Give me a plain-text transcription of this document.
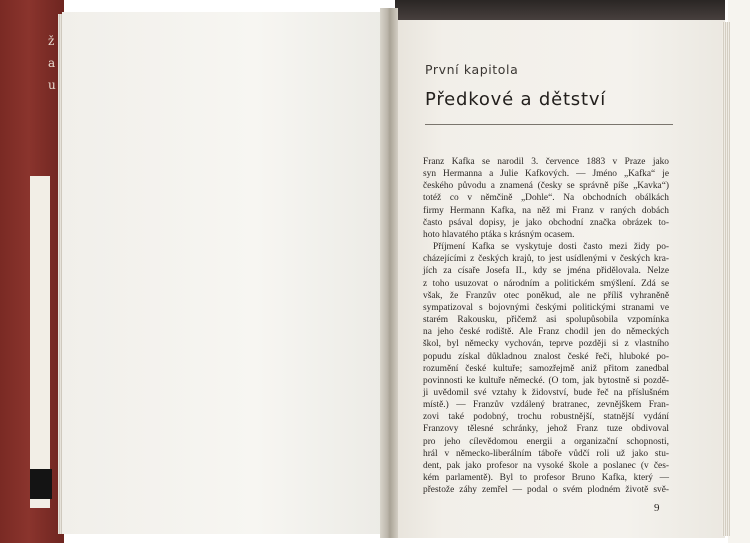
ž
a
u
První kapitola
Předkové a dětství
Franz Kafka se narodil 3. července 1883 v Praze jako
syn Hermanna a Julie Kafkových. — Jméno „Kafka“ je
českého původu a znamená (česky se správně píše „Kavka“)
totéž co v němčině „Dohle“. Na obchodních obálkách
firmy Hermann Kafka, na něž mi Franz v raných dobách
často psával dopisy, je jako obchodní značka obrázek to-
hoto hlavatého ptáka s krásným ocasem.
Příjmení Kafka se vyskytuje dosti často mezi židy po-
cházejícími z českých krajů, to jest usídlenými v českých kra-
jích za císaře Josefa II., kdy se jména přidělovala. Nelze
z toho usuzovat o národním a politickém smýšlení. Zdá se
však, že Franzův otec poněkud, ale ne příliš vyhraněně
sympatizoval s bojovnými českými politickými stranami ve
starém Rakousku, přičemž asi spolupůsobila vzpomínka
na jeho české rodiště. Ale Franz chodil jen do německých
škol, byl německy vychován, teprve později si z vlastního
popudu získal důkladnou znalost české řeči, hluboké po-
rozumění české kultuře; samozřejmě aniž přitom zanedbal
povinnosti ke kultuře německé. (O tom, jak bytostně si pozdě-
ji uvědomil své vztahy k židovství, bude řeč na příslušném
místě.) — Franzův vzdálený bratranec, zevnějškem Fran-
zovi také podobný, trochu robustnější, statnější vydání
Franzovy tělesné schránky, jehož Franz tuze obdivoval
pro jeho cílevědomou energii a organizační schopnosti,
hrál v německo-liberálním táboře vůdčí roli už jako stu-
dent, pak jako profesor na vysoké škole a poslanec (v čes-
kém parlamentě). Byl to profesor Bruno Kafka, který —
přestože záhy zemřel — podal o svém plodném životě svě-
9
